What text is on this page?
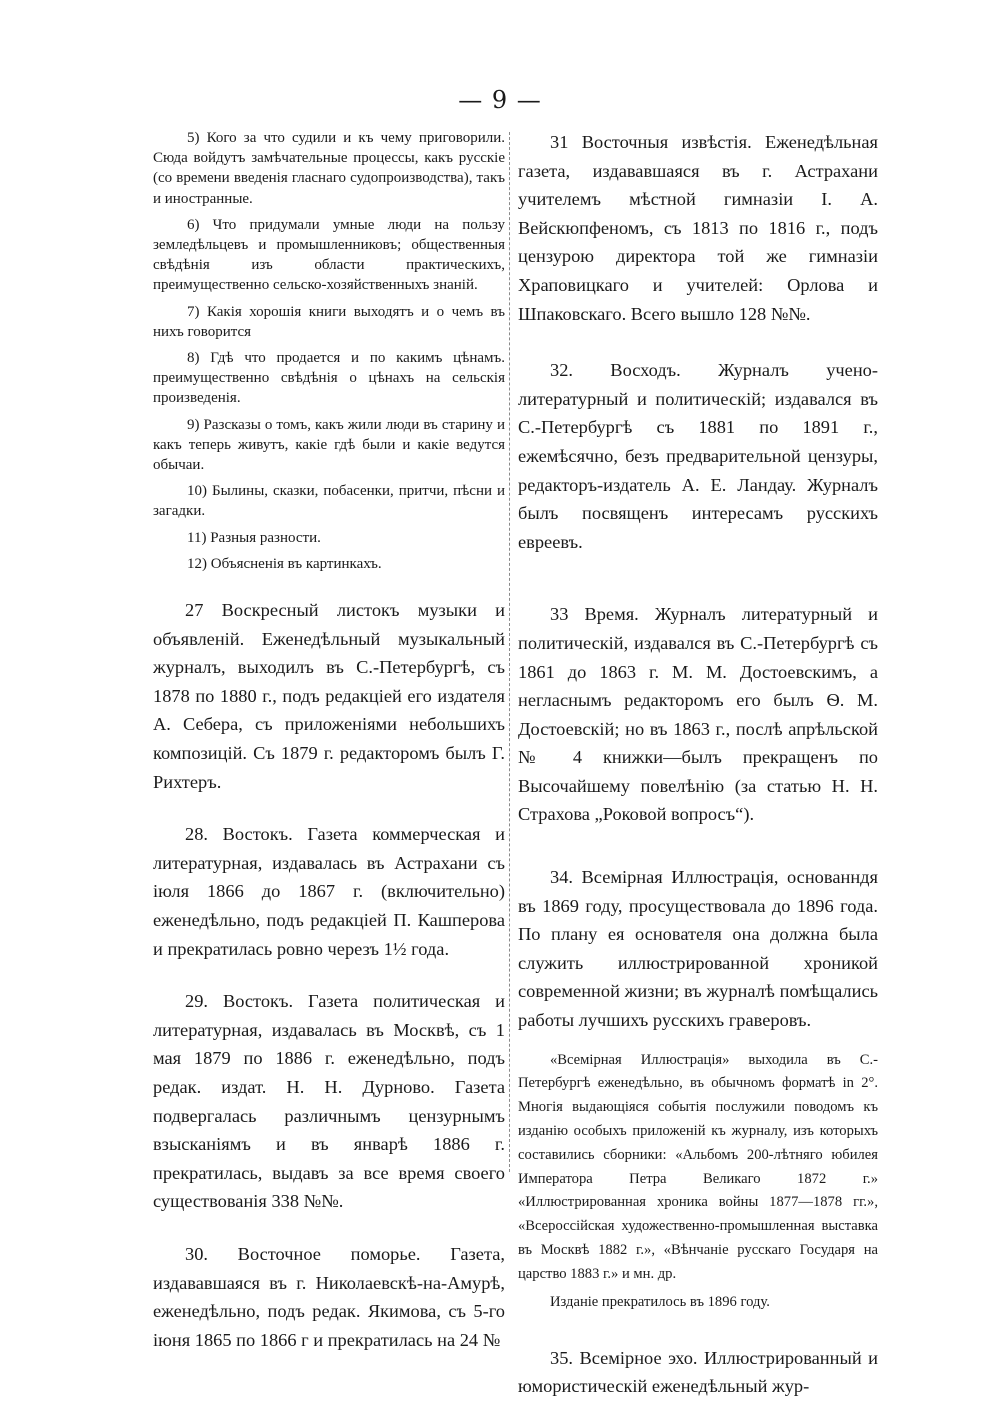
— 9 —

5) Кого за что судили и къ чему приговорили. Сюда войдутъ замѣчательные процессы, какъ русскіе (со времени введенія гласнаго судопроизводства), такъ и иностранные.

6) Что придумали умные люди на пользу земледѣльцевъ и промышленниковъ; общественныя свѣдѣнія изъ области практическихъ, преимущественно сельско-хозяйственныхъ знаній.

7) Какія хорошія книги выходятъ и о чемъ въ нихъ говорится

8) Гдѣ что продается и по какимъ цѣнамъ. преимущественно свѣдѣнія о цѣнахъ на сельскія произведенія.

9) Разсказы о томъ, какъ жили люди въ старину и какъ теперь живутъ, какіе гдѣ были и какіе ведутся обычаи.

10) Былины, сказки, побасенки, притчи, пѣсни и загадки.

11) Разныя разности.

12) Объясненія въ картинкахъ.

27 Воскресный листокъ музыки и объявленій. Еженедѣльный музыкальный журналъ, выходилъ въ С.-Петербургѣ, съ 1878 по 1880 г., подъ редакціей его издателя А. Себера, съ приложеніями небольшихъ композицій. Съ 1879 г. редакторомъ былъ Г. Рихтеръ.

28. Востокъ. Газета коммерческая и литературная, издавалась въ Астрахани съ іюля 1866 до 1867 г. (включительно) еженедѣльно, подъ редакціей П. Кашперова и прекратилась ровно черезъ 1½ года.

29. Востокъ. Газета политическая и литературная, издавалась въ Москвѣ, съ 1 мая 1879 по 1886 г. еженедѣльно, подъ редак. издат. Н. Н. Дурново. Газета подвергалась различнымъ цензурнымъ взысканіямъ и въ январѣ 1886 г. прекратилась, выдавъ за все время своего существованія 338 №№.

30. Восточное поморье. Газета, издававшаяся въ г. Николаевскѣ-на-Амурѣ, еженедѣльно, подъ редак. Якимова, съ 5-го іюня 1865 по 1866 г и прекратилась на 24 №

31 Восточныя извѣстія. Еженедѣльная газета, издававшаяся въ г. Астрахани учителемъ мѣстной гимназіи І. А. Вейскюпфеномъ, съ 1813 по 1816 г., подъ цензурою директора той же гимназіи Храповицкаго и учителей: Орлова и Шпаковскаго. Всего вышло 128 №№.

32. Восходъ. Журналъ учено-литературный и политическій; издавался въ С.-Петербургѣ съ 1881 по 1891 г., ежемѣсячно, безъ предварительной цензуры, редакторъ-издатель А. Е. Ландау. Журналъ былъ посвященъ интересамъ русскихъ евреевъ.

33 Время. Журналъ литературный и политическій, издавался въ С.-Петербургѣ съ 1861 до 1863 г. М. М. Достоевскимъ, а негласнымъ редакторомъ его былъ Ѳ. М. Достоевскій; но въ 1863 г., послѣ апрѣльской № 4 книжки—былъ прекращенъ по Высочайшему повелѣнію (за статью Н. Н. Страхова „Роковой вопросъ“).

34. Всемірная Иллюстрація, основанндя въ 1869 году, просуществовала до 1896 года. По плану ея основателя она должна была служить иллюстрированной хроникой современной жизни; въ журналѣ помѣщались работы лучшихъ русскихъ граверовъ.

«Всемірная Иллюстрація» выходила въ С.-Петербургѣ еженедѣльно, въ обычномъ форматѣ in 2°. Многія выдающіяся событія послужили поводомъ къ изданію особыхъ приложеній къ журналу, изъ которыхъ составились сборники: «Альбомъ 200-лѣтняго юбилея Императора Петра Великаго 1872 г.» «Иллюстрированная хроника войны 1877—1878 гг.», «Всероссійская художественно-промышленная выставка въ Москвѣ 1882 г.», «Вѣнчаніе русскаго Государя на царство 1883 г.» и мн. др.

Изданіе прекратилось въ 1896 году.

35. Всемірное эхо. Иллюстрированный и юмористическій еженедѣльный жур-
